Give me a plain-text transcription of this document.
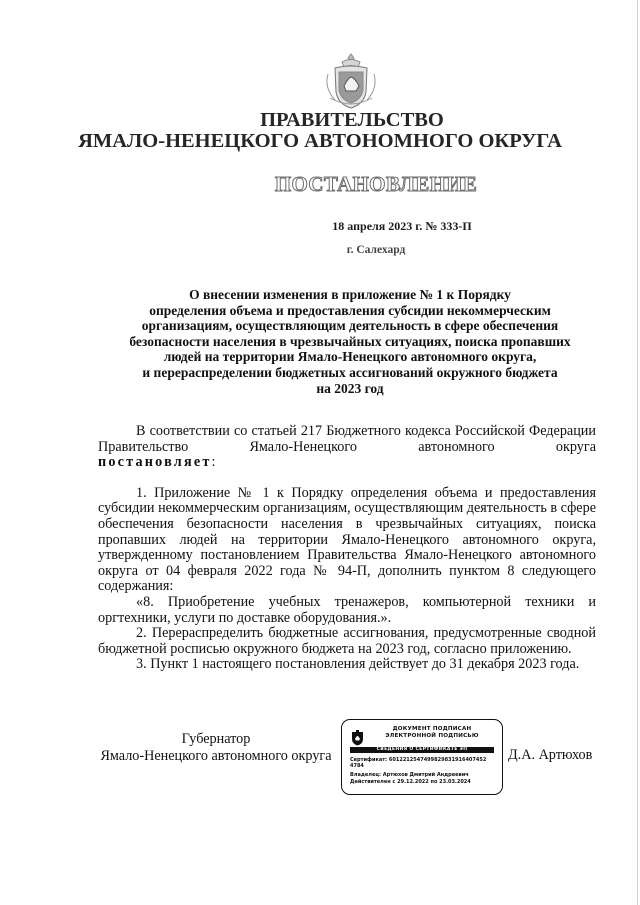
ПРАВИТЕЛЬСТВО
ЯМАЛО-НЕНЕЦКОГО АВТОНОМНОГО ОКРУГА
ПОСТАНОВЛЕНИЕ
18 апреля 2023 г. № 333-П
г. Салехард
О внесении изменения в приложение № 1 к Порядку
определения объема и предоставления субсидии некоммерческим
организациям, осуществляющим деятельность в сфере обеспечения
безопасности населения в чрезвычайных ситуациях, поиска пропавших
людей на территории Ямало-Ненецкого автономного округа,
и перераспределении бюджетных ассигнований окружного бюджета
на 2023 год

В соответствии со статьей 217 Бюджетного кодекса Российской Федерации Правительство Ямало-Ненецкого автономного округа

постановляет:

1. Приложение № 1 к Порядку определения объема и предоставления субсидии некоммерческим организациям, осуществляющим деятельность в сфере обеспечения безопасности населения в чрезвычайных ситуациях, поиска пропавших людей на территории Ямало-Ненецкого автономного округа, утвержденному постановлением Правительства Ямало-Ненецкого автономного округа от 04 февраля 2022 года № 94-П, дополнить пунктом 8 следующего содержания:

«8. Приобретение учебных тренажеров, компьютерной техники и оргтехники, услуги по доставке оборудования.».

2. Перераспределить бюджетные ассигнования, предусмотренные сводной бюджетной росписью окружного бюджета на 2023 год, согласно приложению.

3. Пункт 1 настоящего постановления действует до 31 декабря 2023 года.

Губернатор
Ямало-Ненецкого автономного округа	Д.А. Артюхов
ДОКУМЕНТ ПОДПИСАН
ЭЛЕКТРОННОЙ ПОДПИСЬЮ
СВЕДЕНИЯ О СЕРТИФИКАТЕ ЭП
Сертификат: 6012212547499829831916407452
4784
Владелец: Артюхов Дмитрий Андреевич
Действителен с 29.12.2022 по 23.03.2024
